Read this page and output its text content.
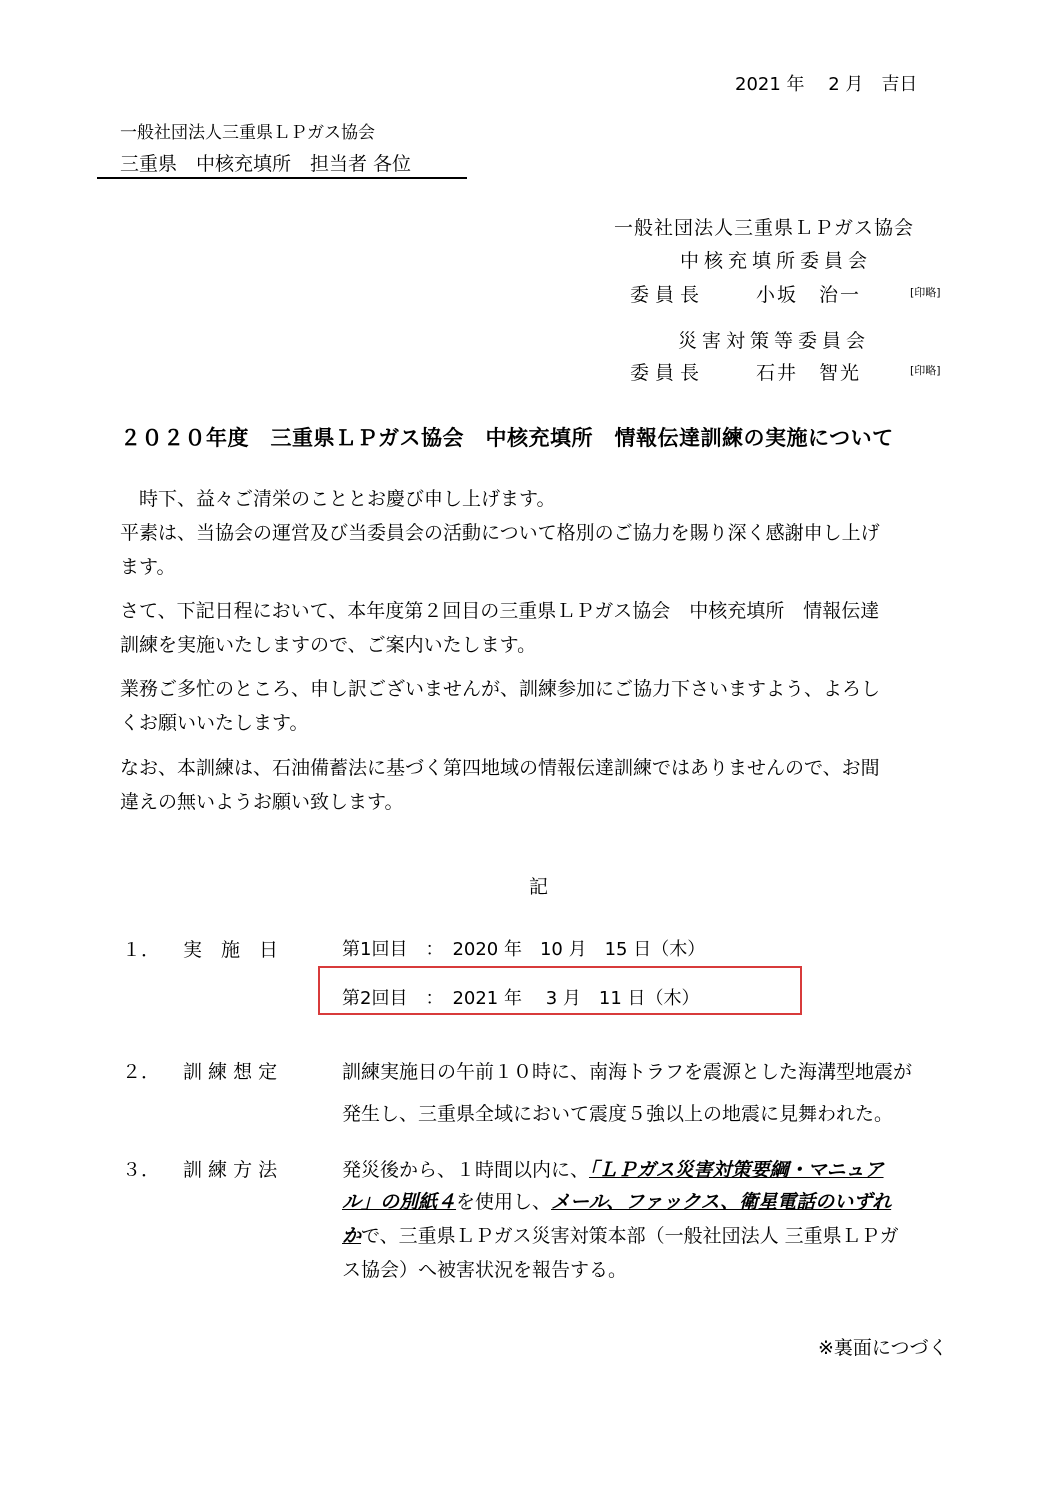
2021 年　 2 月　吉日
一般社団法人三重県ＬＰガス協会
三重県　中核充填所　担当者 各位
一般社団法人三重県ＬＰガス協会
中核充填所委員会
委員長	小坂　治一	[印略]
災害対策等委員会
委員長	石井　智光	[印略]
２０２０年度　三重県ＬＰガス協会　中核充填所　情報伝達訓練の実施について
時下、益々ご清栄のこととお慶び申し上げます。
平素は、当協会の運営及び当委員会の活動について格別のご協力を賜り深く感謝申し上げ
ます。
さて、下記日程において、本年度第２回目の三重県ＬＰガス協会　中核充填所　情報伝達
訓練を実施いたしますので、ご案内いたします。
業務ご多忙のところ、申し訳ございませんが、訓練参加にご協力下さいますよう、よろし
くお願いいたします。
なお、本訓練は、石油備蓄法に基づく第四地域の情報伝達訓練ではありませんので、お間
違えの無いようお願い致します。
記
１． 実　施　日	第1回目　：　2020 年　10 月　15 日（木）
第2回目　：　2021 年　 3 月　11 日（木）
２． 訓 練 想 定	訓練実施日の午前１０時に、南海トラフを震源とした海溝型地震が
発生し、三重県全域において震度５強以上の地震に見舞われた。
３． 訓 練 方 法	発災後から、１時間以内に、「ＬＰガス災害対策要綱・マニュア
ル」の別紙４を使用し、メール、ファックス、衛星電話のいずれ
かで、三重県ＬＰガス災害対策本部（一般社団法人 三重県ＬＰガ
ス協会）へ被害状況を報告する。
※裏面につづく
